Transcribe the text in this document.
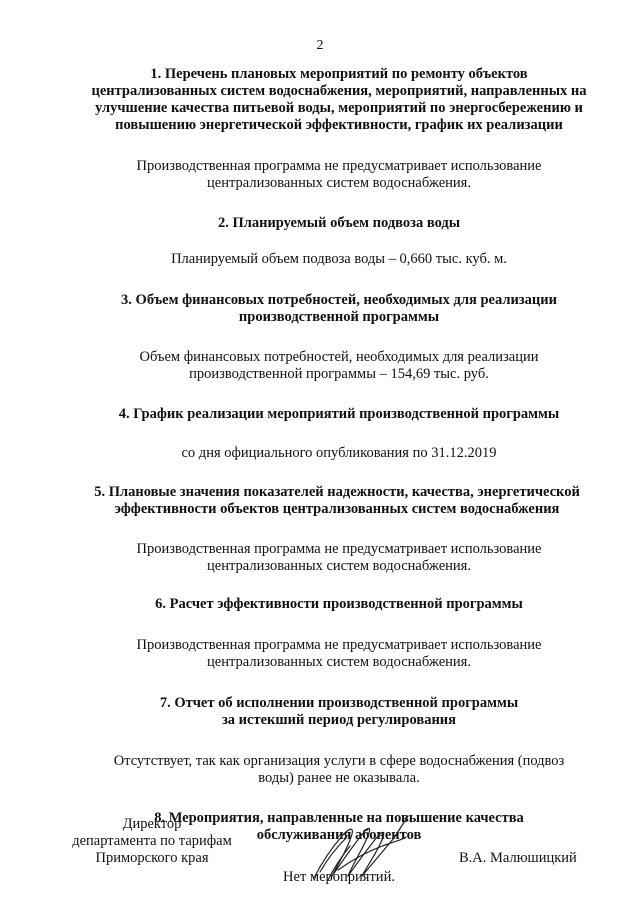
2
1. Перечень плановых мероприятий по ремонту объектов
централизованных систем водоснабжения, мероприятий, направленных на
улучшение качества питьевой воды, мероприятий по энергосбережению и
повышению энергетической эффективности, график их реализации
Производственная программа не предусматривает использование
централизованных систем водоснабжения.
2. Планируемый объем подвоза воды
Планируемый объем подвоза воды – 0,660 тыс. куб. м.
3. Объем финансовых потребностей, необходимых для реализации
производственной программы
Объем финансовых потребностей, необходимых для реализации
производственной программы – 154,69 тыс. руб.
4. График реализации мероприятий производственной программы
со дня официального опубликования по 31.12.2019
5. Плановые значения показателей надежности, качества, энергетической
эффективности объектов централизованных систем водоснабжения
Производственная программа не предусматривает использование
централизованных систем водоснабжения.
6. Расчет эффективности производственной программы
Производственная программа не предусматривает использование
централизованных систем водоснабжения.
7. Отчет об исполнении производственной программы
за истекший период регулирования
Отсутствует, так как организация услуги в сфере водоснабжения (подвоз
воды) ранее не оказывала.
8. Мероприятия, направленные на повышение качества
обслуживания абонентов
Нет мероприятий.
Директор
департамента по тарифам
Приморского края	В.А. Малюшицкий
